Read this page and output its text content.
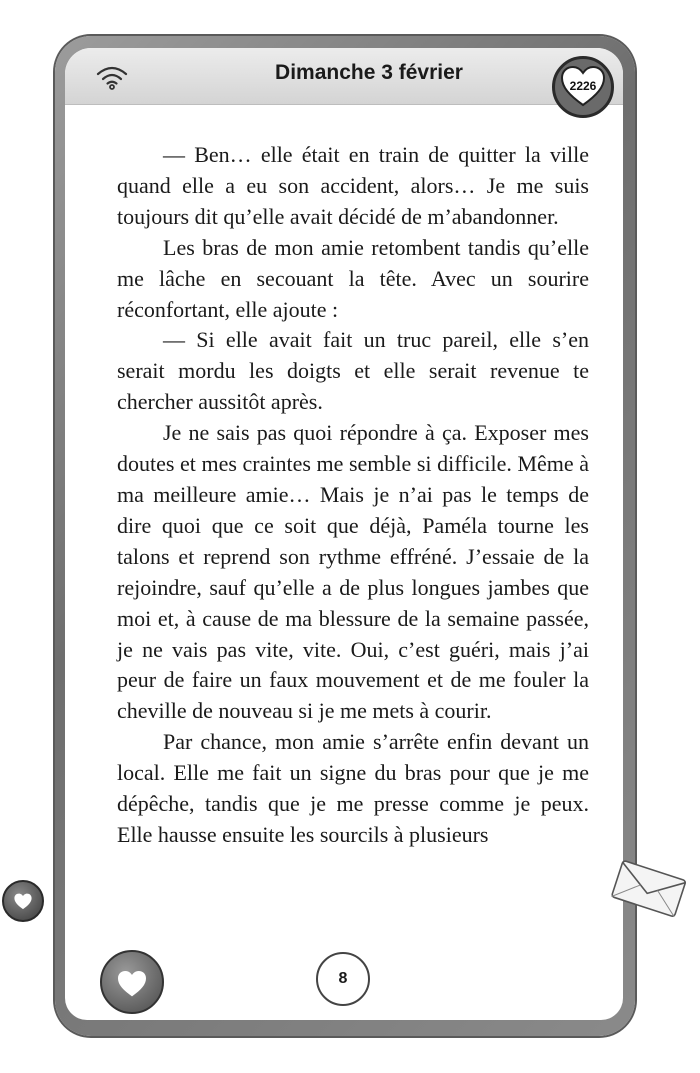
Dimanche 3 février

— Ben… elle était en train de quitter la ville quand elle a eu son accident, alors… Je me suis toujours dit qu’elle avait décidé de m’abandonner.

Les bras de mon amie retombent tandis qu’elle me lâche en secouant la tête. Avec un sourire réconfortant, elle ajoute :

— Si elle avait fait un truc pareil, elle s’en serait mordu les doigts et elle serait revenue te chercher aussitôt après.

Je ne sais pas quoi répondre à ça. Exposer mes doutes et mes craintes me semble si difficile. Même à ma meilleure amie… Mais je n’ai pas le temps de dire quoi que ce soit que déjà, Paméla tourne les talons et reprend son rythme effréné. J’essaie de la rejoindre, sauf qu’elle a de plus longues jambes que moi et, à cause de ma blessure de la semaine passée, je ne vais pas vite, vite. Oui, c’est guéri, mais j’ai peur de faire un faux mouvement et de me fouler la cheville de nouveau si je me mets à courir.

Par chance, mon amie s’arrête enfin devant un local. Elle me fait un signe du bras pour que je me dépêche, tandis que je me presse comme je peux. Elle hausse ensuite les sourcils à plusieurs

2226
8
